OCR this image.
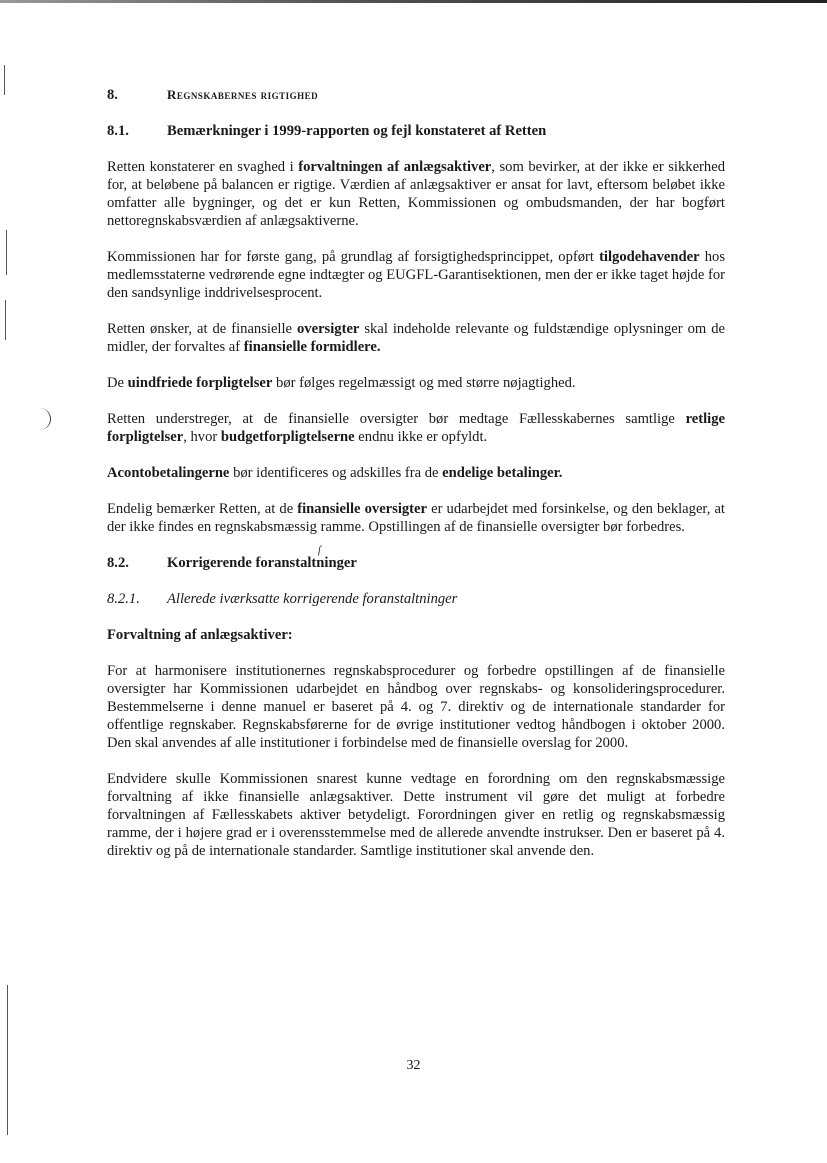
8.	Regnskabernes rigtighed
8.1.	Bemærkninger i 1999-rapporten og fejl konstateret af Retten

Retten konstaterer en svaghed i forvaltningen af anlægsaktiver, som bevirker, at der ikke er sikkerhed for, at beløbene på balancen er rigtige. Værdien af anlægsaktiver er ansat for lavt, eftersom beløbet ikke omfatter alle bygninger, og det er kun Retten, Kommissionen og ombudsmanden, der har bogført nettoregnskabsværdien af anlægsaktiverne.

Kommissionen har for første gang, på grundlag af forsigtighedsprincippet, opført tilgodehavender hos medlemsstaterne vedrørende egne indtægter og EUGFL-Garantisektionen, men der er ikke taget højde for den sandsynlige inddrivelsesprocent.

Retten ønsker, at de finansielle oversigter skal indeholde relevante og fuldstændige oplysninger om de midler, der forvaltes af finansielle formidlere.

De uindfriede forpligtelser bør følges regelmæssigt og med større nøjagtighed.

Retten understreger, at de finansielle oversigter bør medtage Fællesskabernes samtlige retlige forpligtelser, hvor budgetforpligtelserne endnu ikke er opfyldt.

Acontobetalingerne bør identificeres og adskilles fra de endelige betalinger.

Endelig bemærker Retten, at de finansielle oversigter er udarbejdet med forsinkelse, og den beklager, at der ikke findes en regnskabsmæssig ramme. Opstillingen af de finansielle oversigter bør forbedres.

8.2.	Korrigerende foranstaltninger
8.2.1.	Allerede iværksatte korrigerende foranstaltninger

Forvaltning af anlægsaktiver:

For at harmonisere institutionernes regnskabsprocedurer og forbedre opstillingen af de finansielle oversigter har Kommissionen udarbejdet en håndbog over regnskabs- og konsolideringsprocedurer. Bestemmelserne i denne manuel er baseret på 4. og 7. direktiv og de internationale standarder for offentlige regnskaber. Regnskabsførerne for de øvrige institutioner vedtog håndbogen i oktober 2000. Den skal anvendes af alle institutioner i forbindelse med de finansielle overslag for 2000.

Endvidere skulle Kommissionen snarest kunne vedtage en forordning om den regnskabsmæssige forvaltning af ikke finansielle anlægsaktiver. Dette instrument vil gøre det muligt at forbedre forvaltningen af Fællesskabets aktiver betydeligt. Forordningen giver en retlig og regnskabsmæssig ramme, der i højere grad er i overensstemmelse med de allerede anvendte instrukser. Den er baseret på 4. direktiv og på de internationale standarder. Samtlige institutioner skal anvende den.

ſ
32
